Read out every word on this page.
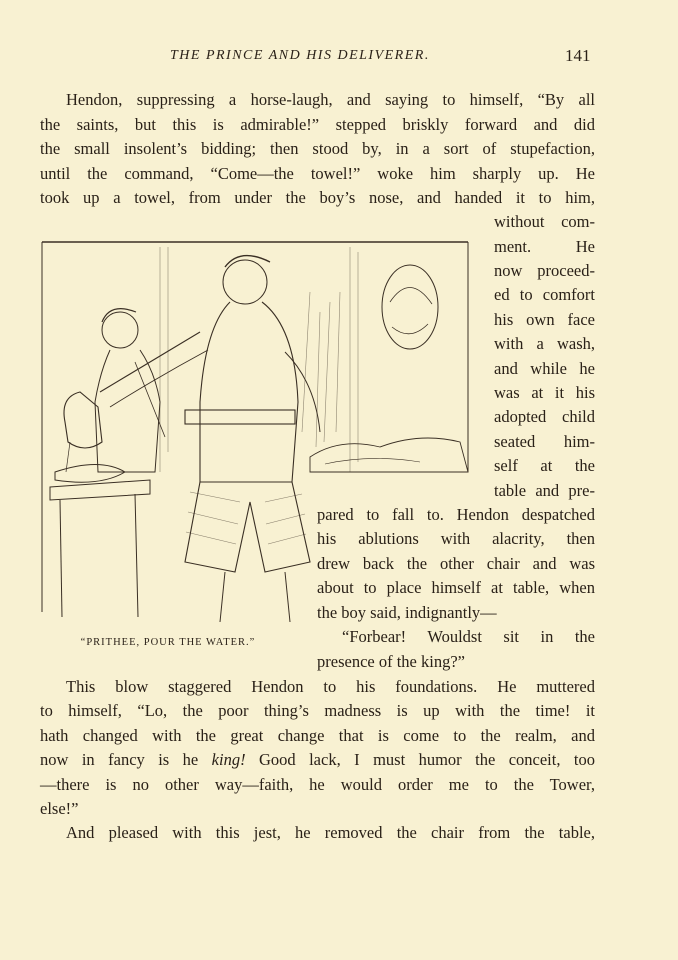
THE PRINCE AND HIS DELIVERER.	141
Hendon, suppressing a horse-laugh, and saying to himself, “By all
the saints, but this is admirable!” stepped briskly forward and did
the small insolent’s bidding; then stood by, in a sort of stupefaction,
until the command, “Come—the towel!” woke him sharply up. He
took up a towel, from under the boy’s nose, and handed it to him,
without com-
ment. He
now proceed-
ed to comfort
his own face
with a wash,
and while he
was at it his
adopted child
seated him-
self at the
table and pre-
pared to fall to. Hendon despatched
his ablutions with alacrity, then
drew back the other chair and was
about to place himself at table, when
the boy said, indignantly—
“Forbear! Wouldst sit in the
presence of the king?”
This blow staggered Hendon to his foundations. He muttered
to himself, “Lo, the poor thing’s madness is up with the time! it
hath changed with the great change that is come to the realm, and
now in fancy is he king! Good lack, I must humor the conceit, too
—there is no other way—faith, he would order me to the Tower,
else!”
And pleased with this jest, he removed the chair from the table,
“PRITHEE, POUR THE WATER.”
